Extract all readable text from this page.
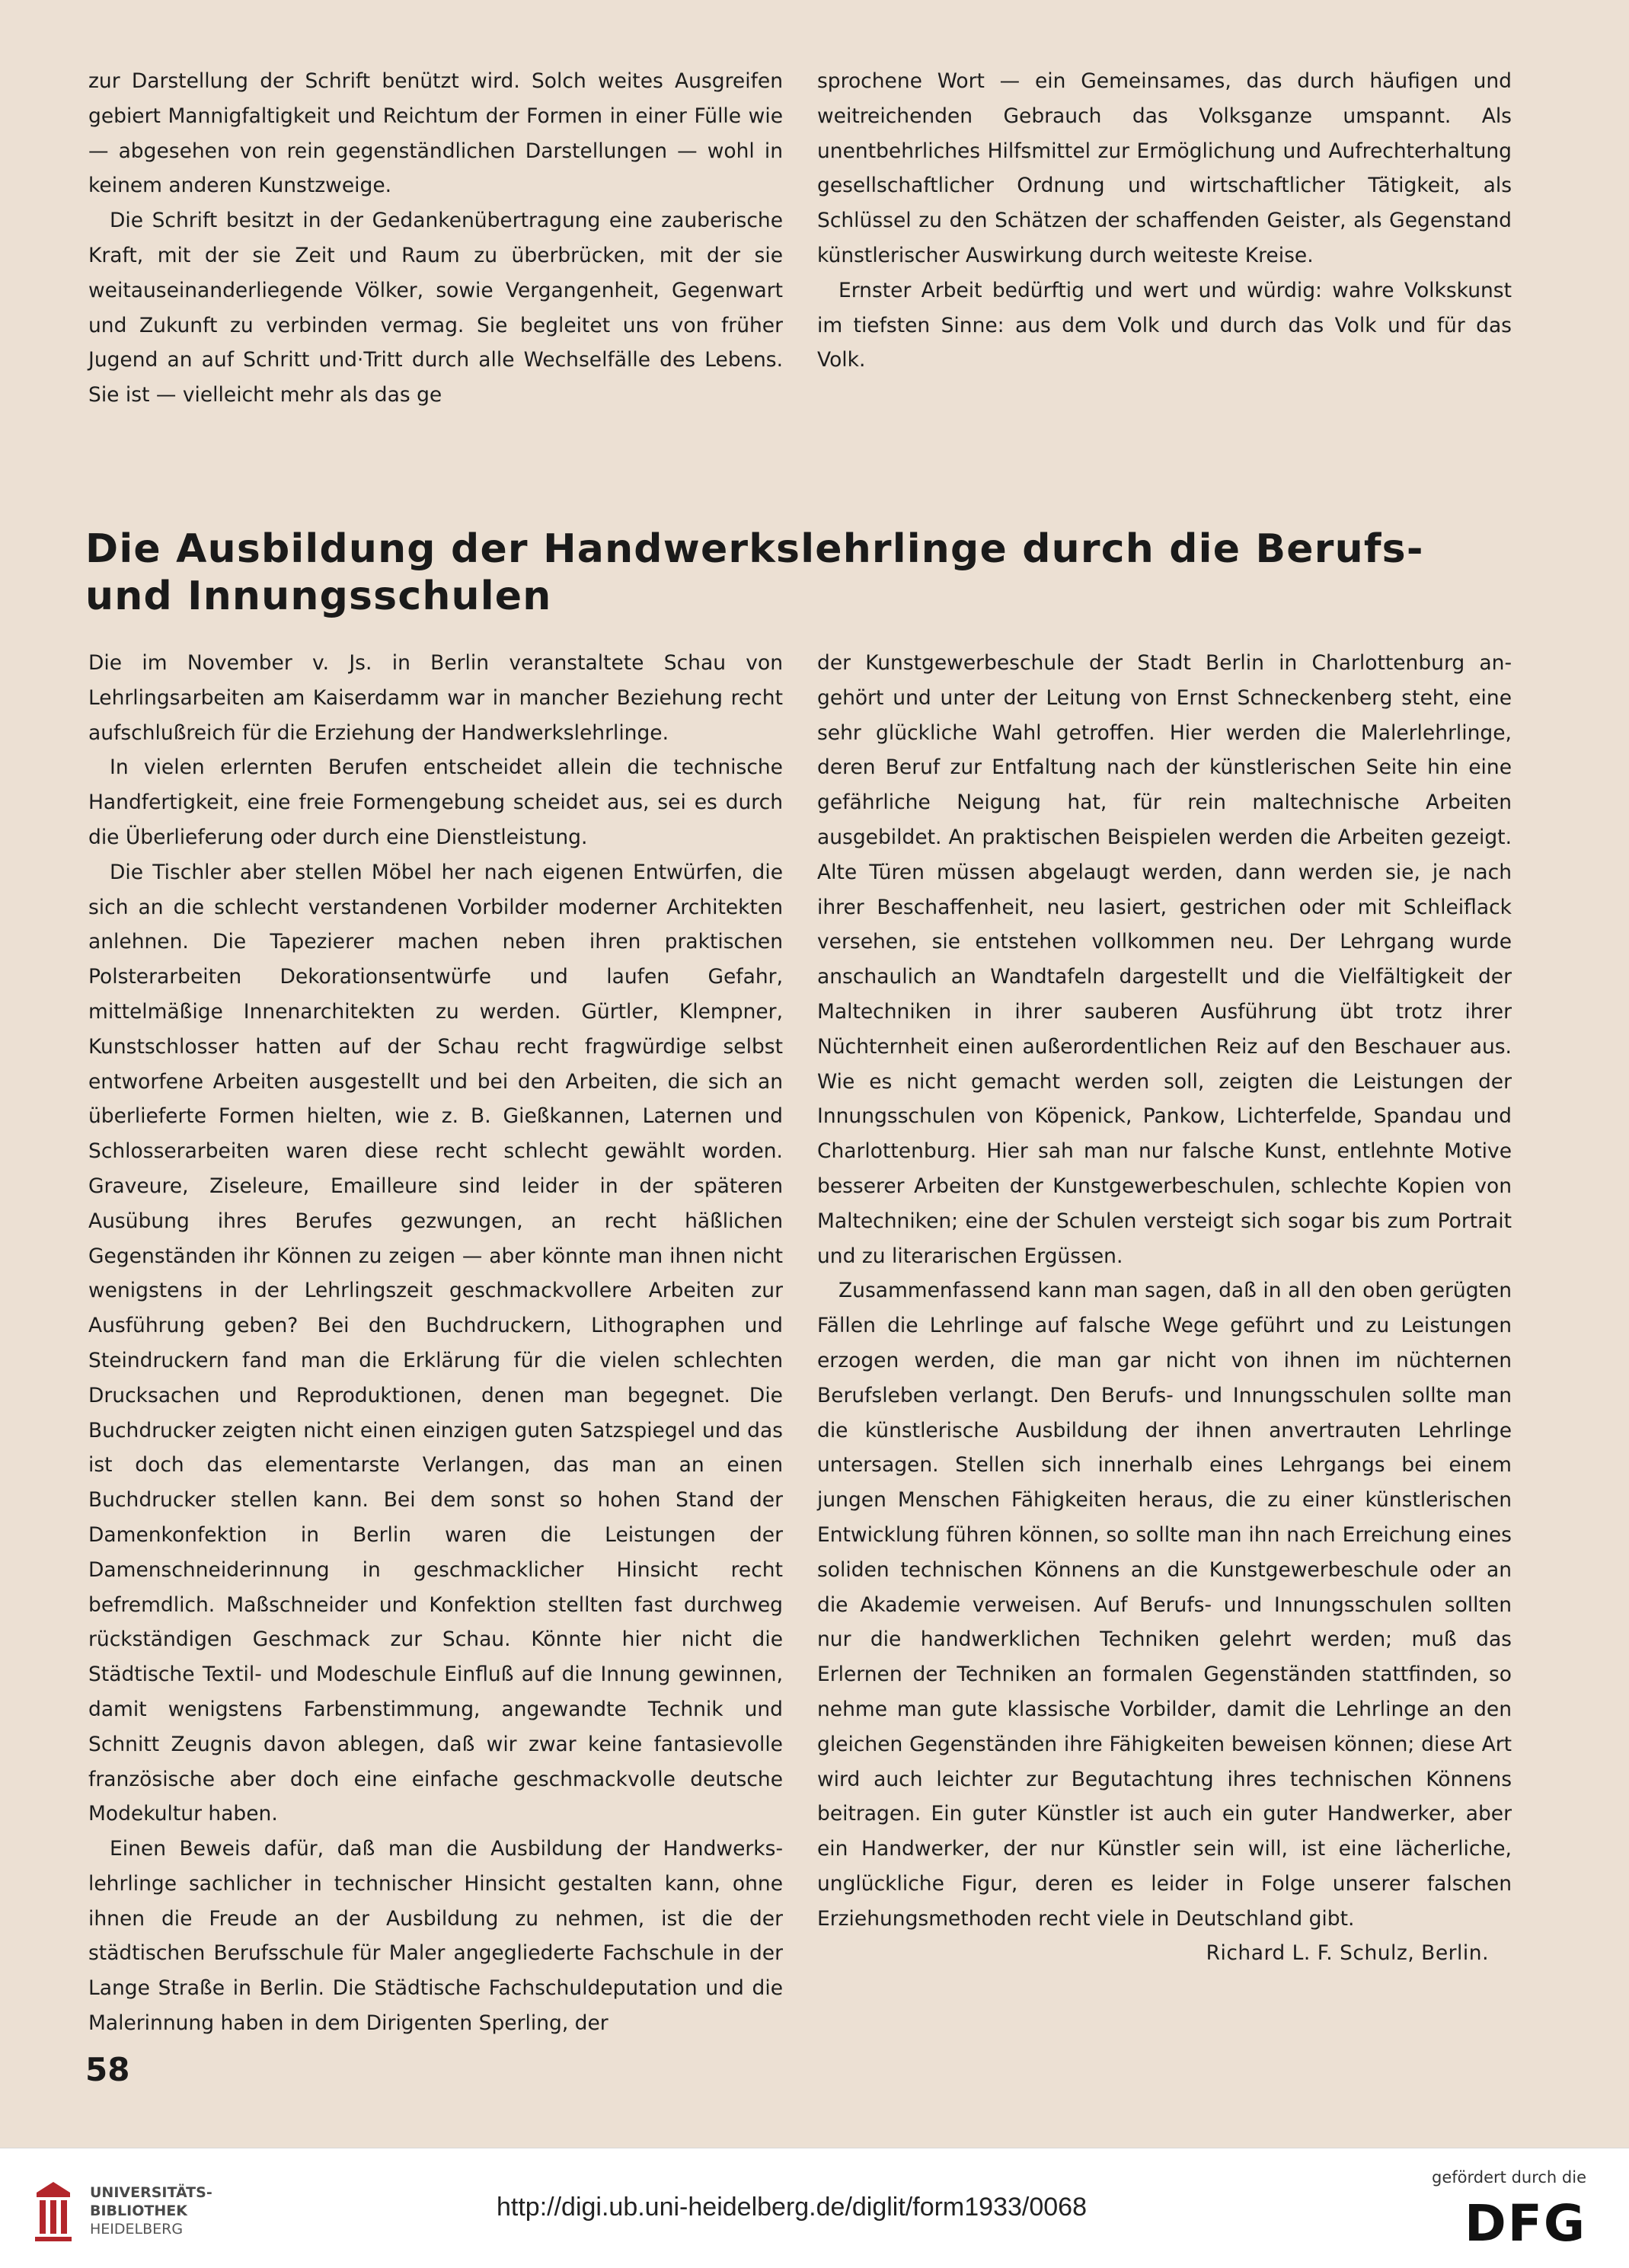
zur Darstellung der Schrift benützt wird. Solch weites Ausgreifen gebiert Mannigfaltigkeit und Reichtum der Formen in einer Fülle wie — abgesehen von rein gegenständlichen Darstellungen — wohl in keinem anderen Kunstzweige.

Die Schrift besitzt in der Gedankenübertragung eine zauberische Kraft, mit der sie Zeit und Raum zu überbrücken, mit der sie weitauseinanderliegende Völker, sowie Vergangenheit, Gegenwart und Zukunft zu verbinden vermag. Sie begleitet uns von früher Jugend an auf Schritt und·Tritt durch alle Wechselfälle des Lebens. Sie ist — vielleicht mehr als das ge

sprochene Wort — ein Gemeinsames, das durch häufigen und weitreichenden Gebrauch das Volksganze umspannt. Als unentbehrliches Hilfsmittel zur Ermöglichung und Aufrechterhaltung gesellschaftlicher Ordnung und wirtschaftlicher Tätigkeit, als Schlüssel zu den Schätzen der schaffenden Geister, als Gegenstand künstlerischer Auswirkung durch weiteste Kreise.

Ernster Arbeit bedürftig und wert und würdig: wahre Volkskunst im tiefsten Sinne: aus dem Volk und durch das Volk und für das Volk.

Die Ausbildung der Handwerkslehrlinge durch die Berufs-
und Innungsschulen

Die im November v. Js. in Berlin veranstaltete Schau von Lehrlingsarbeiten am Kaiserdamm war in mancher Beziehung recht aufschlußreich für die Erziehung der Handwerkslehrlinge.

In vielen erlernten Berufen entscheidet allein die technische Handfertigkeit, eine freie Formengebung scheidet aus, sei es durch die Überlieferung oder durch eine Dienstleistung.

Die Tischler aber stellen Möbel her nach eigenen Entwürfen, die sich an die schlecht verstandenen Vorbilder moderner Architekten anlehnen. Die Tapezierer machen neben ihren praktischen Polsterarbeiten Dekorationsentwürfe und laufen Gefahr, mittelmäßige Innenarchitekten zu werden. Gürtler, Klempner, Kunstschlosser hatten auf der Schau recht fragwürdige selbst entworfene Arbeiten ausgestellt und bei den Arbeiten, die sich an überlieferte Formen hielten, wie z. B. Gießkannen, Laternen und Schlosserarbeiten waren diese recht schlecht gewählt worden. Graveure, Ziseleure, Emailleure sind leider in der späteren Ausübung ihres Berufes gezwungen, an recht häßlichen Gegenständen ihr Können zu zeigen — aber könnte man ihnen nicht wenigstens in der Lehrlingszeit geschmackvollere Arbeiten zur Ausführung geben? Bei den Buchdruckern, Lithographen und Steindruckern fand man die Erklärung für die vielen schlechten Drucksachen und Reproduktionen, denen man begegnet. Die Buchdrucker zeigten nicht einen einzigen guten Satzspiegel und das ist doch das elementarste Verlangen, das man an einen Buchdrucker stellen kann. Bei dem sonst so hohen Stand der Damenkonfektion in Berlin waren die Leistungen der Damenschneiderinnung in geschmacklicher Hinsicht recht befremdlich. Maßschneider und Konfektion stellten fast durchweg rückständigen Geschmack zur Schau. Könnte hier nicht die Städtische Textil- und Modeschule Einfluß auf die Innung gewinnen, damit wenigstens Farbenstimmung, angewandte Technik und Schnitt Zeugnis davon ablegen, daß wir zwar keine fantasievolle französische aber doch eine einfache geschmackvolle deutsche Modekultur haben.

Einen Beweis dafür, daß man die Ausbildung der Handwerkslehrlinge sachlicher in technischer Hinsicht gestalten kann, ohne ihnen die Freude an der Ausbildung zu nehmen, ist die der städtischen Berufsschule für Maler angegliederte Fachschule in der Lange Straße in Berlin. Die Städtische Fachschuldeputation und die Malerinnung haben in dem Dirigenten Sperling, der

der Kunstgewerbeschule der Stadt Berlin in Charlottenburg angehört und unter der Leitung von Ernst Schneckenberg steht, eine sehr glückliche Wahl getroffen. Hier werden die Malerlehrlinge, deren Beruf zur Entfaltung nach der künstlerischen Seite hin eine gefährliche Neigung hat, für rein maltechnische Arbeiten ausgebildet. An praktischen Beispielen werden die Arbeiten gezeigt. Alte Türen müssen abgelaugt werden, dann werden sie, je nach ihrer Beschaffenheit, neu lasiert, gestrichen oder mit Schleiflack versehen, sie entstehen vollkommen neu. Der Lehrgang wurde anschaulich an Wandtafeln dargestellt und die Vielfältigkeit der Maltechniken in ihrer sauberen Ausführung übt trotz ihrer Nüchternheit einen außerordentlichen Reiz auf den Beschauer aus. Wie es nicht gemacht werden soll, zeigten die Leistungen der Innungsschulen von Köpenick, Pankow, Lichterfelde, Spandau und Charlottenburg. Hier sah man nur falsche Kunst, entlehnte Motive besserer Arbeiten der Kunstgewerbeschulen, schlechte Kopien von Maltechniken; eine der Schulen versteigt sich sogar bis zum Portrait und zu literarischen Ergüssen.

Zusammenfassend kann man sagen, daß in all den oben gerügten Fällen die Lehrlinge auf falsche Wege geführt und zu Leistungen erzogen werden, die man gar nicht von ihnen im nüchternen Berufsleben verlangt. Den Berufs- und Innungsschulen sollte man die künstlerische Ausbildung der ihnen anvertrauten Lehrlinge untersagen. Stellen sich innerhalb eines Lehrgangs bei einem jungen Menschen Fähigkeiten heraus, die zu einer künstlerischen Entwicklung führen können, so sollte man ihn nach Erreichung eines soliden technischen Könnens an die Kunstgewerbeschule oder an die Akademie verweisen. Auf Berufs- und Innungsschulen sollten nur die handwerklichen Techniken gelehrt werden; muß das Erlernen der Techniken an formalen Gegenständen stattfinden, so nehme man gute klassische Vorbilder, damit die Lehrlinge an den gleichen Gegenständen ihre Fähigkeiten beweisen können; diese Art wird auch leichter zur Begutachtung ihres technischen Könnens beitragen. Ein guter Künstler ist auch ein guter Handwerker, aber ein Handwerker, der nur Künstler sein will, ist eine lächerliche, unglückliche Figur, deren es leider in Folge unserer falschen Erziehungsmethoden recht viele in Deutschland gibt.

Richard L. F. Schulz, Berlin.

58
UNIVERSITÄTS-
BIBLIOTHEK
HEIDELBERG
http://digi.ub.uni-heidelberg.de/diglit/form1933/0068
gefördert durch die
DFG
